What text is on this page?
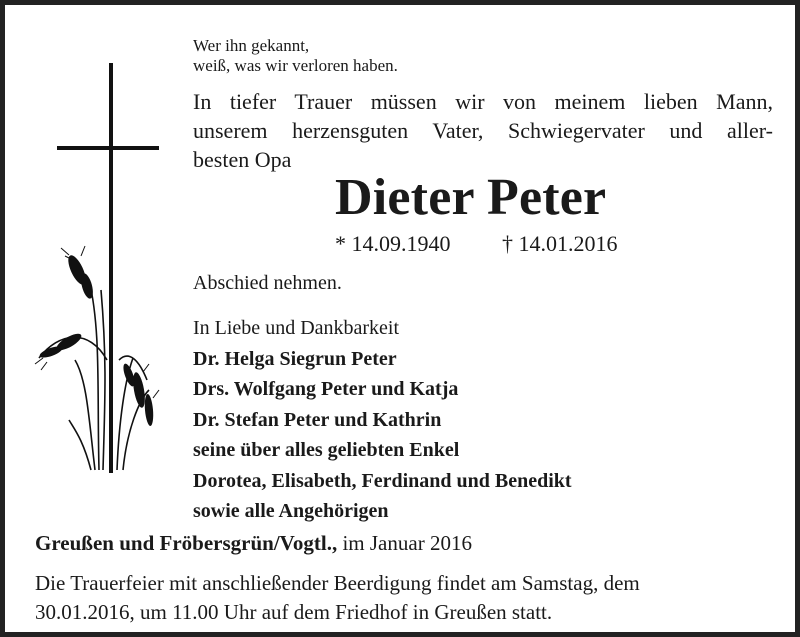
Wer ihn gekannt,
weiß, was wir verloren haben.
In tiefer Trauer müssen wir von meinem lieben Mann,
unserem herzensguten Vater, Schwiegervater und aller-
besten Opa
Dieter Peter
* 14.09.1940 † 14.01.2016
Abschied nehmen.
In Liebe und Dankbarkeit
Dr. Helga Siegrun Peter
Drs. Wolfgang Peter und Katja
Dr. Stefan Peter und Kathrin
seine über alles geliebten Enkel
Dorotea, Elisabeth, Ferdinand und Benedikt
sowie alle Angehörigen
Greußen und Fröbersgrün/Vogtl., im Januar 2016
Die Trauerfeier mit anschließender Beerdigung findet am Samstag, dem
30.01.2016, um 11.00 Uhr auf dem Friedhof in Greußen statt.
